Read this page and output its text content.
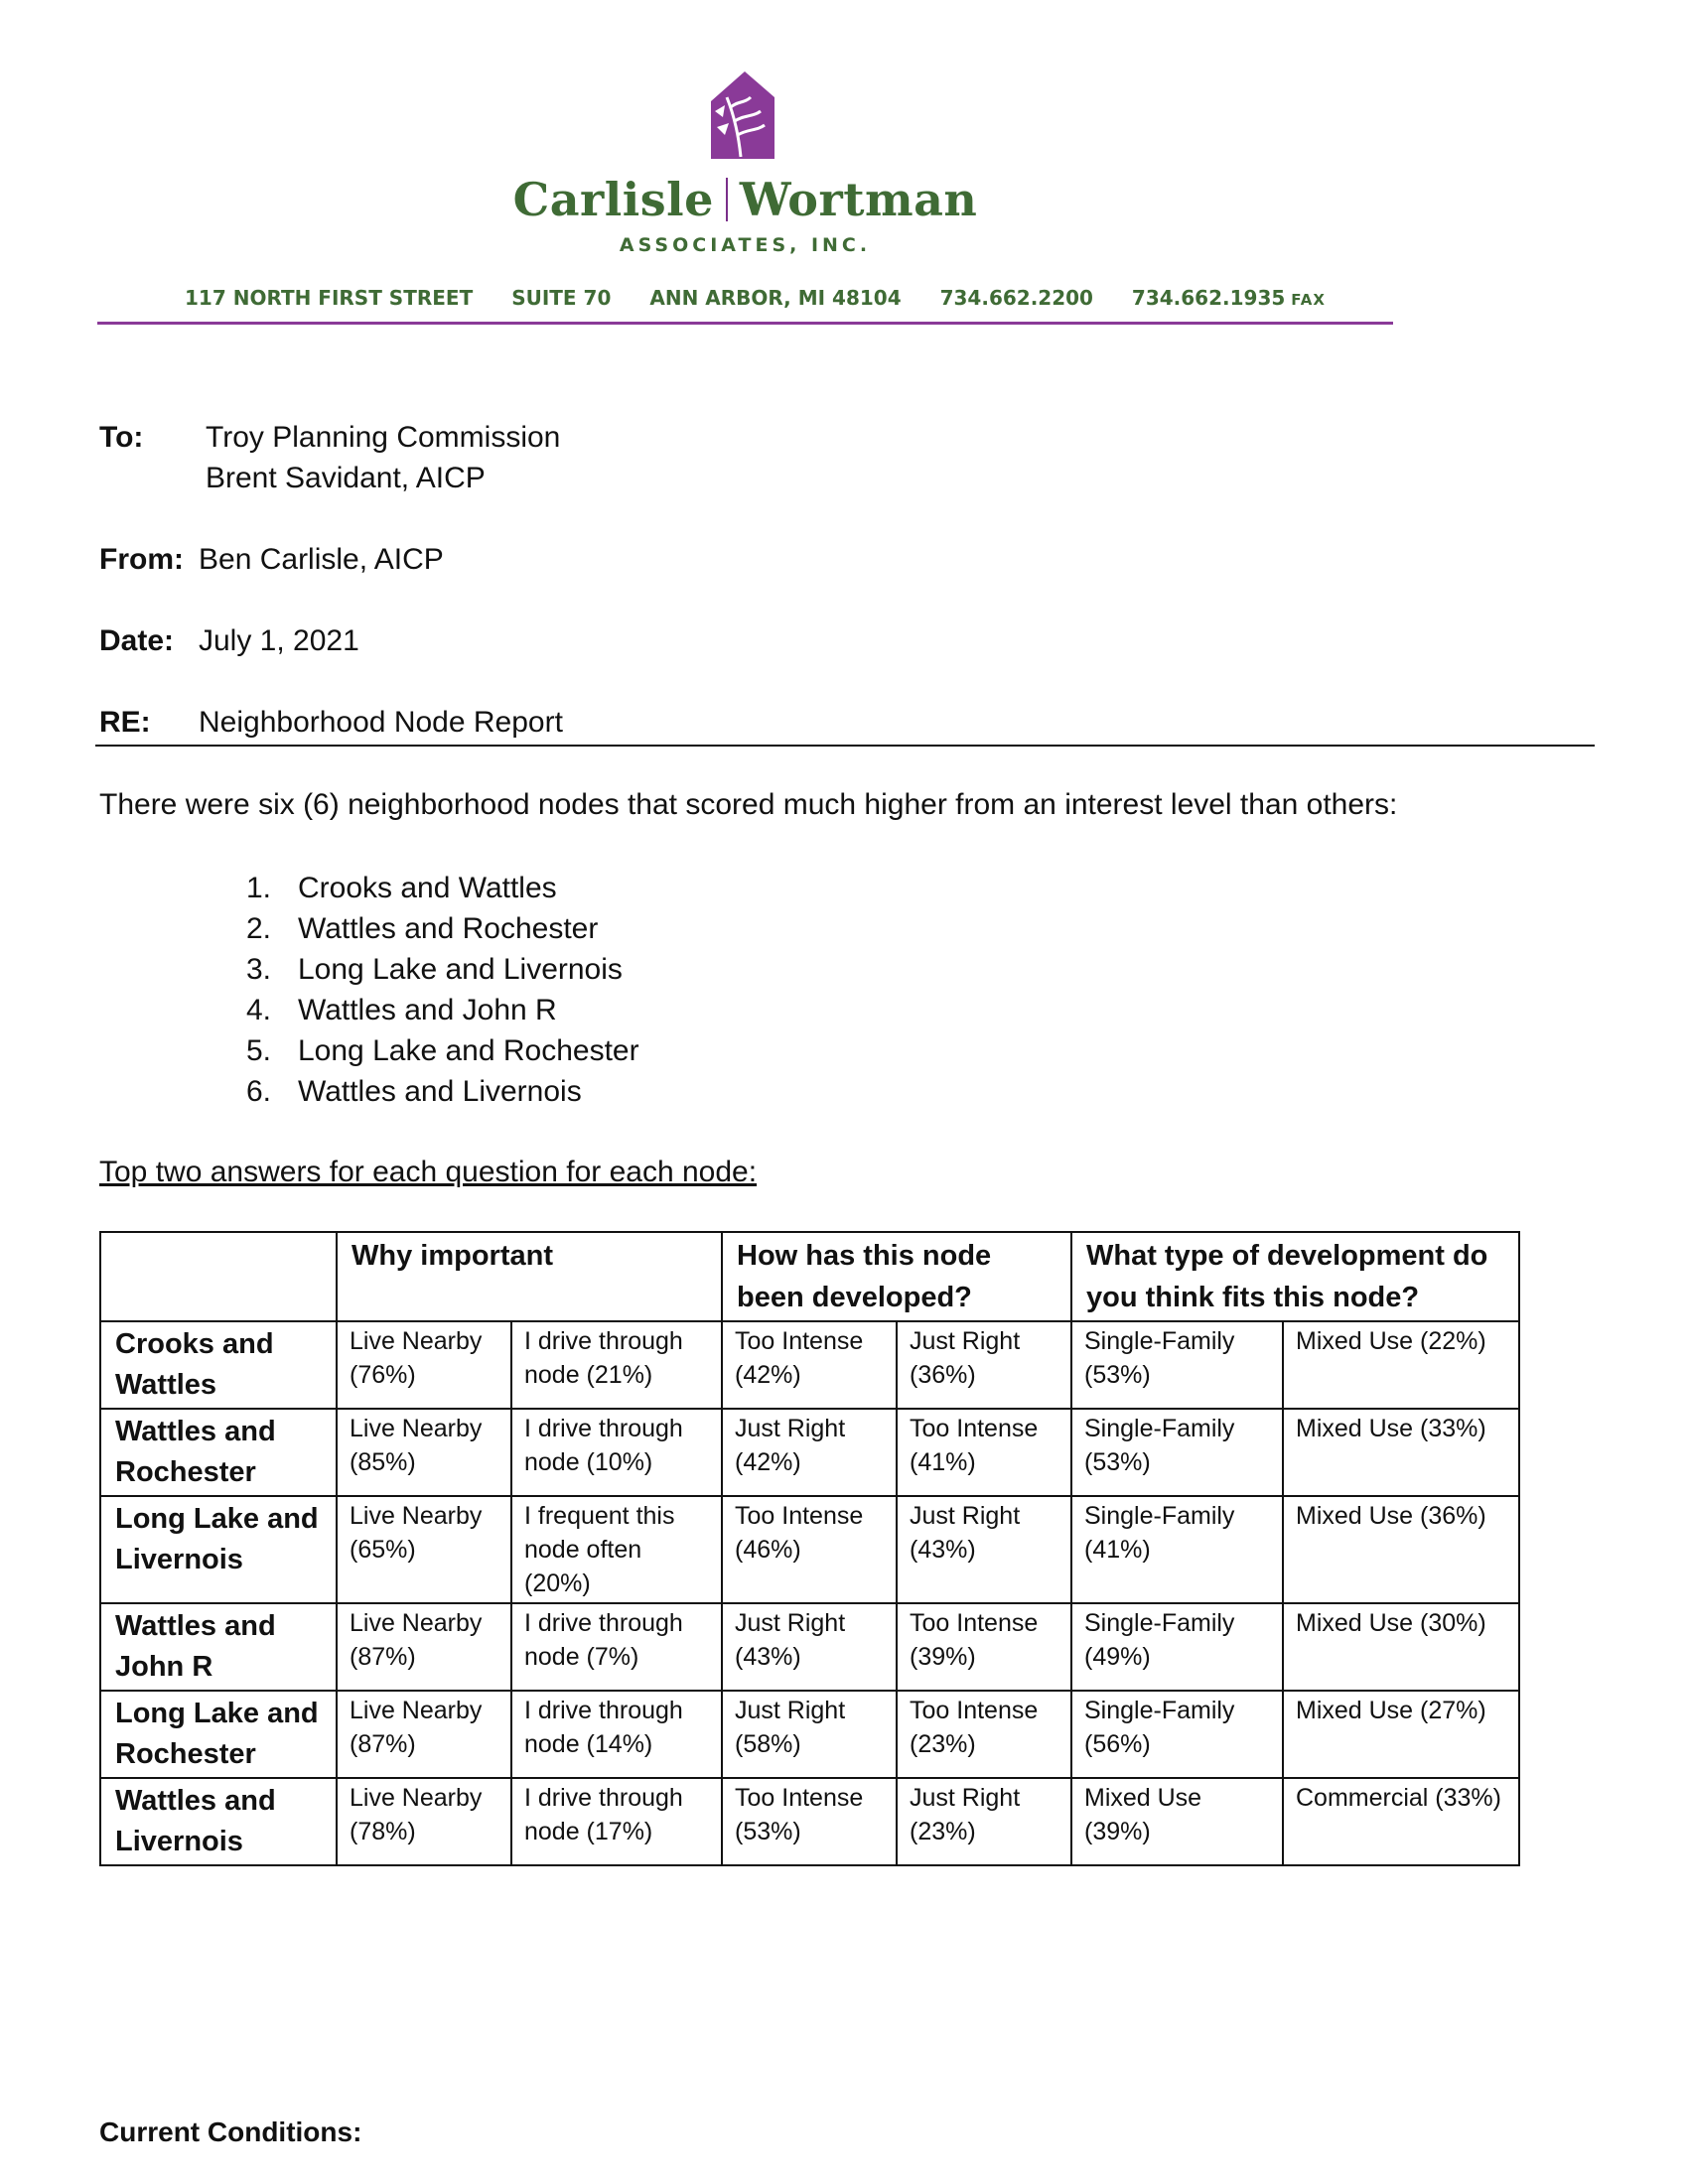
Carlisle Wortman
ASSOCIATES, INC.
117 NORTH FIRST STREET SUITE 70 ANN ARBOR, MI 48104 734.662.2200 734.662.1935 FAX
To: Troy Planning Commission
Brent Savidant, AICP
From: Ben Carlisle, AICP
Date: July 1, 2021
RE: Neighborhood Node Report
There were six (6) neighborhood nodes that scored much higher from an interest level than others:
1. Crooks and Wattles
2. Wattles and Rochester
3. Long Lake and Livernois
4. Wattles and John R
5. Long Lake and Rochester
6. Wattles and Livernois
Top two answers for each question for each node:
	Why important		How has this node been developed?		What type of development do you think fits this node?	
Crooks and Wattles	Live Nearby (76%)	I drive through node (21%)	Too Intense (42%)	Just Right (36%)	Single-Family (53%)	Mixed Use (22%)
Wattles and Rochester	Live Nearby (85%)	I drive through node (10%)	Just Right (42%)	Too Intense (41%)	Single-Family (53%)	Mixed Use (33%)
Long Lake and Livernois	Live Nearby (65%)	I frequent this node often (20%)	Too Intense (46%)	Just Right (43%)	Single-Family (41%)	Mixed Use (36%)
Wattles and John R	Live Nearby (87%)	I drive through node (7%)	Just Right (43%)	Too Intense (39%)	Single-Family (49%)	Mixed Use (30%)
Long Lake and Rochester	Live Nearby (87%)	I drive through node (14%)	Just Right (58%)	Too Intense (23%)	Single-Family (56%)	Mixed Use (27%)
Wattles and Livernois	Live Nearby (78%)	I drive through node (17%)	Too Intense (53%)	Just Right (23%)	Mixed Use (39%)	Commercial (33%)
Current Conditions:
